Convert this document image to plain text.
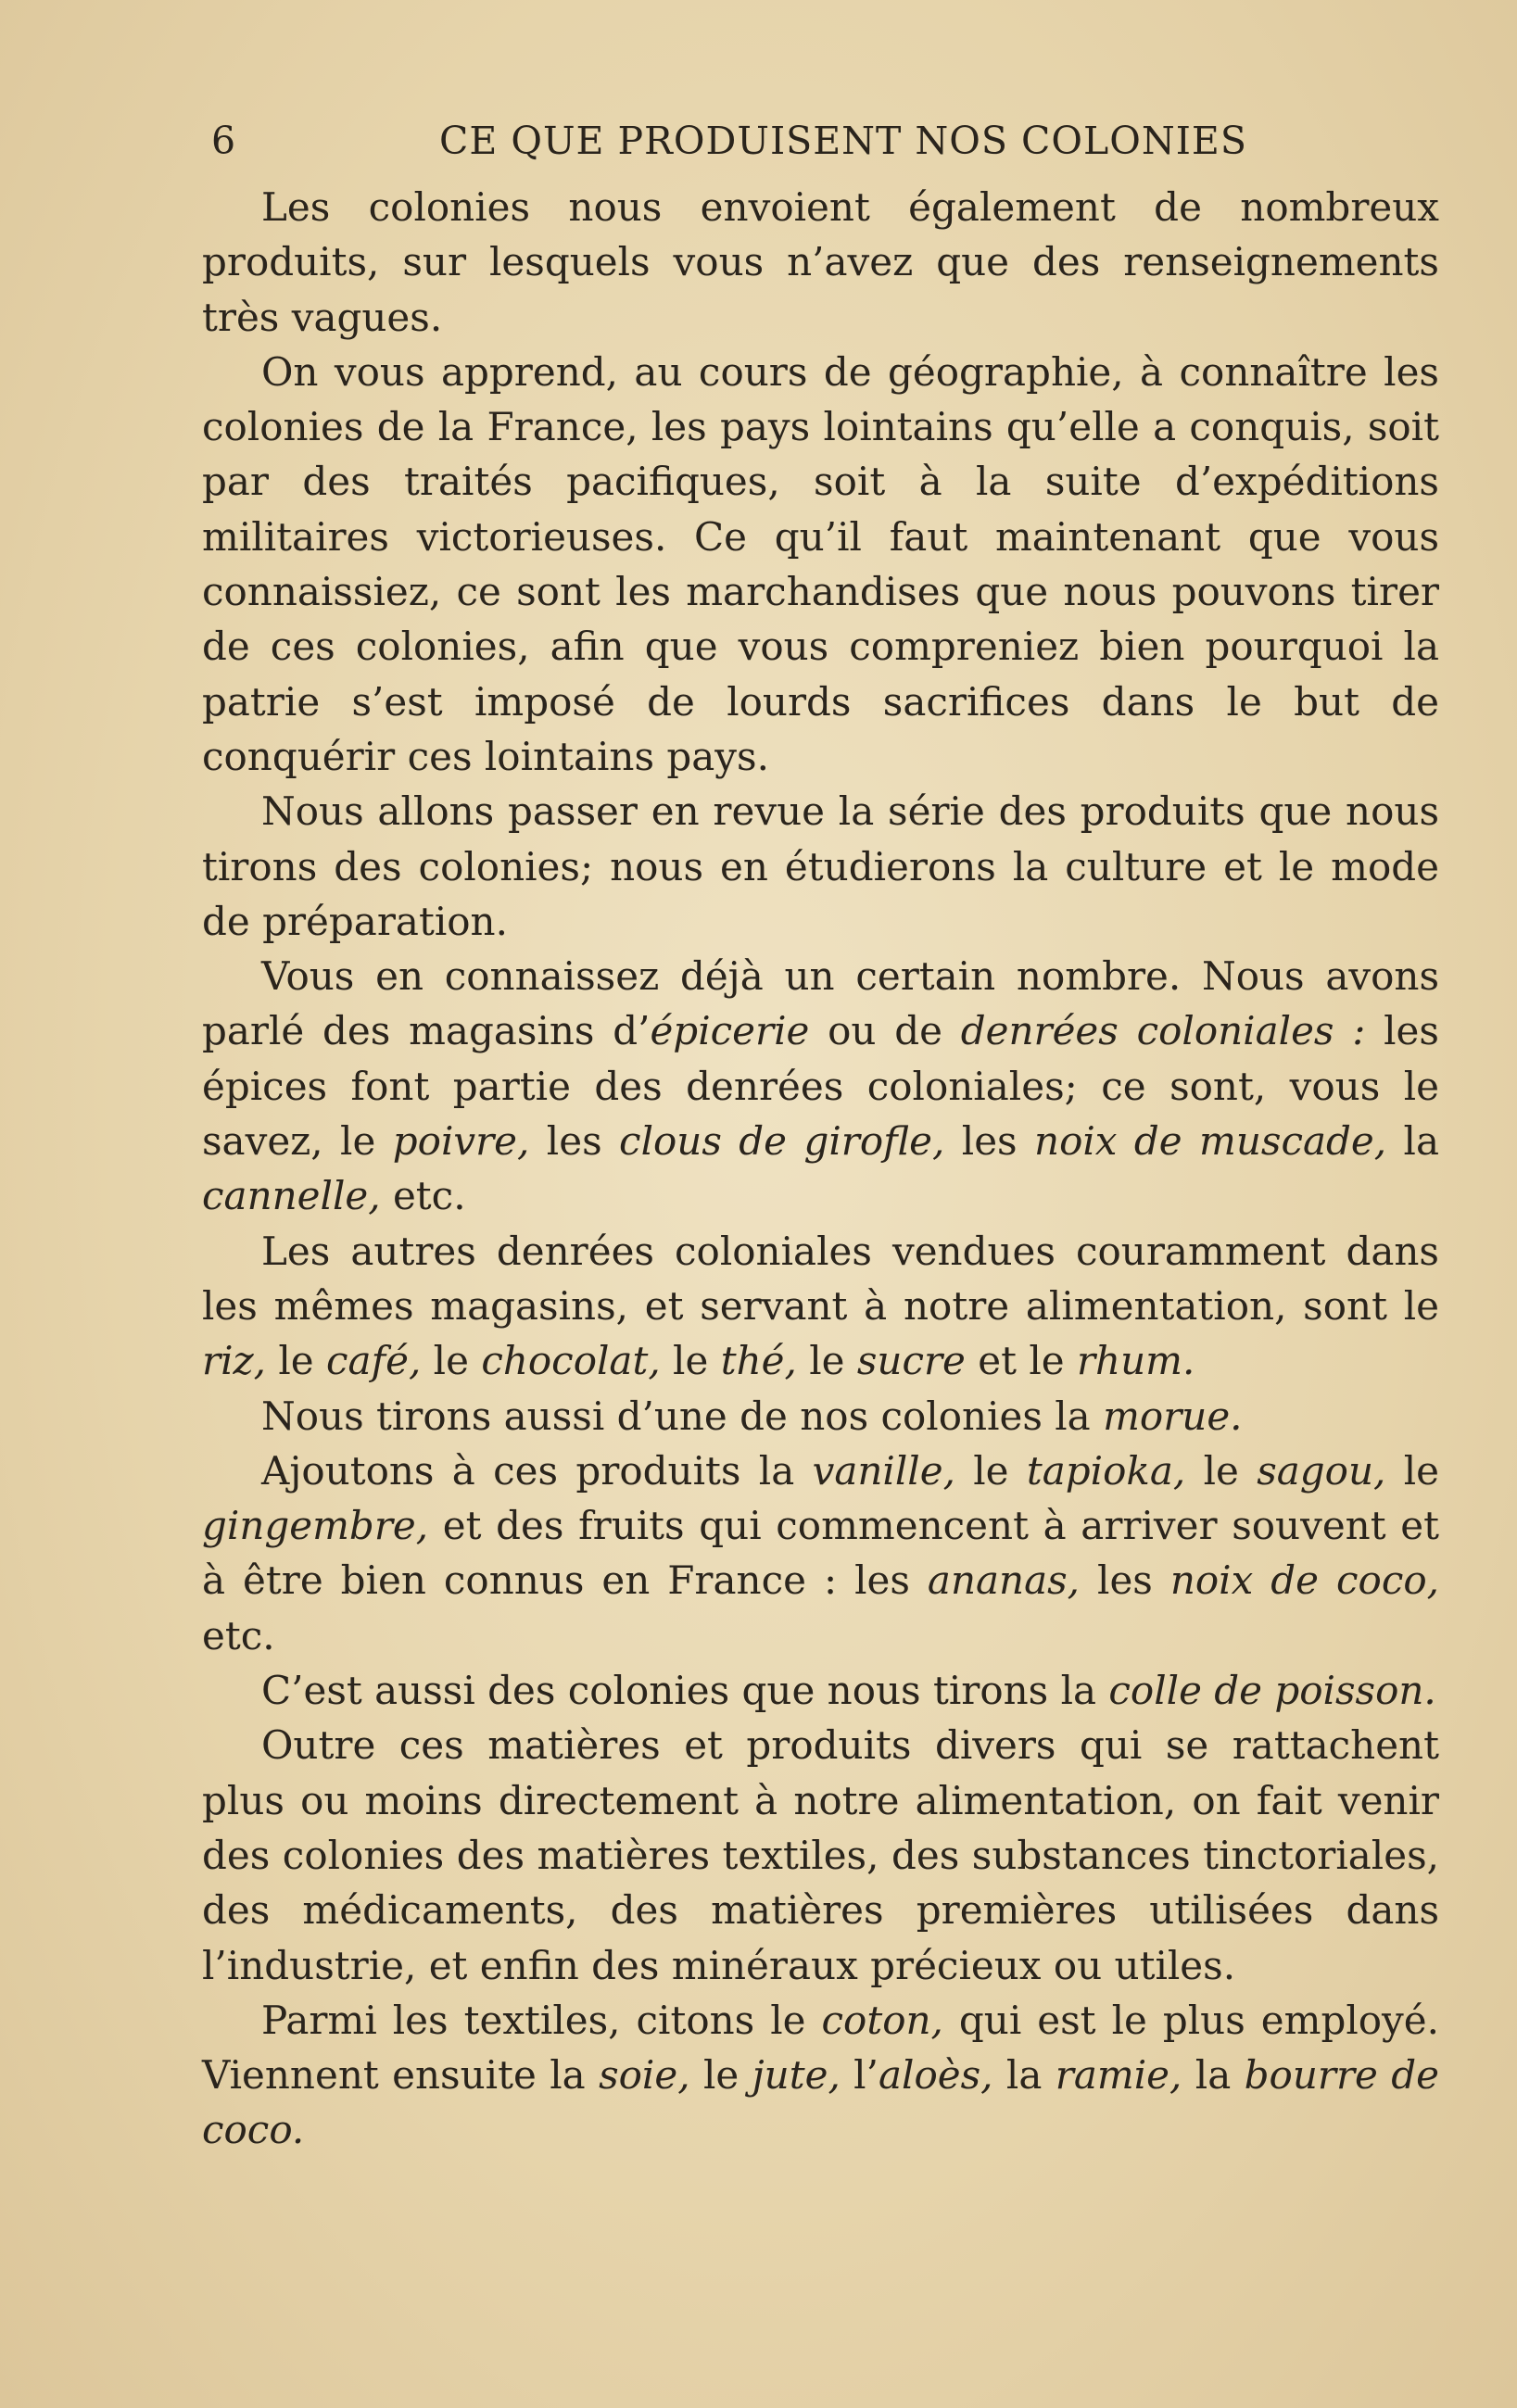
6	CE QUE PRODUISENT NOS COLONIES

Les colonies nous envoient également de nombreux produits, sur lesquels vous n’avez que des renseignements très vagues.

On vous apprend, au cours de géographie, à connaître les colonies de la France, les pays lointains qu’elle a conquis, soit par des traités pacifiques, soit à la suite d’expéditions militaires victorieuses. Ce qu’il faut maintenant que vous connaissiez, ce sont les marchandises que nous pouvons tirer de ces colonies, afin que vous compreniez bien pourquoi la patrie s’est imposé de lourds sacrifices dans le but de conquérir ces lointains pays.

Nous allons passer en revue la série des produits que nous tirons des colonies; nous en étudierons la culture et le mode de préparation.

Vous en connaissez déjà un certain nombre. Nous avons parlé des magasins d’épicerie ou de denrées coloniales : les épices font partie des denrées coloniales; ce sont, vous le savez, le poivre, les clous de girofle, les noix de muscade, la cannelle, etc.

Les autres denrées coloniales vendues couramment dans les mêmes magasins, et servant à notre alimentation, sont le riz, le café, le chocolat, le thé, le sucre et le rhum.

Nous tirons aussi d’une de nos colonies la morue.

Ajoutons à ces produits la vanille, le tapioka, le sagou, le gingembre, et des fruits qui commencent à arriver souvent et à être bien connus en France : les ananas, les noix de coco, etc.

C’est aussi des colonies que nous tirons la colle de poisson.

Outre ces matières et produits divers qui se rattachent plus ou moins directement à notre alimentation, on fait venir des colonies des matières textiles, des substances tinctoriales, des médicaments, des matières premières utilisées dans l’industrie, et enfin des minéraux précieux ou utiles.

Parmi les textiles, citons le coton, qui est le plus employé. Viennent ensuite la soie, le jute, l’aloès, la ramie, la bourre de coco.
